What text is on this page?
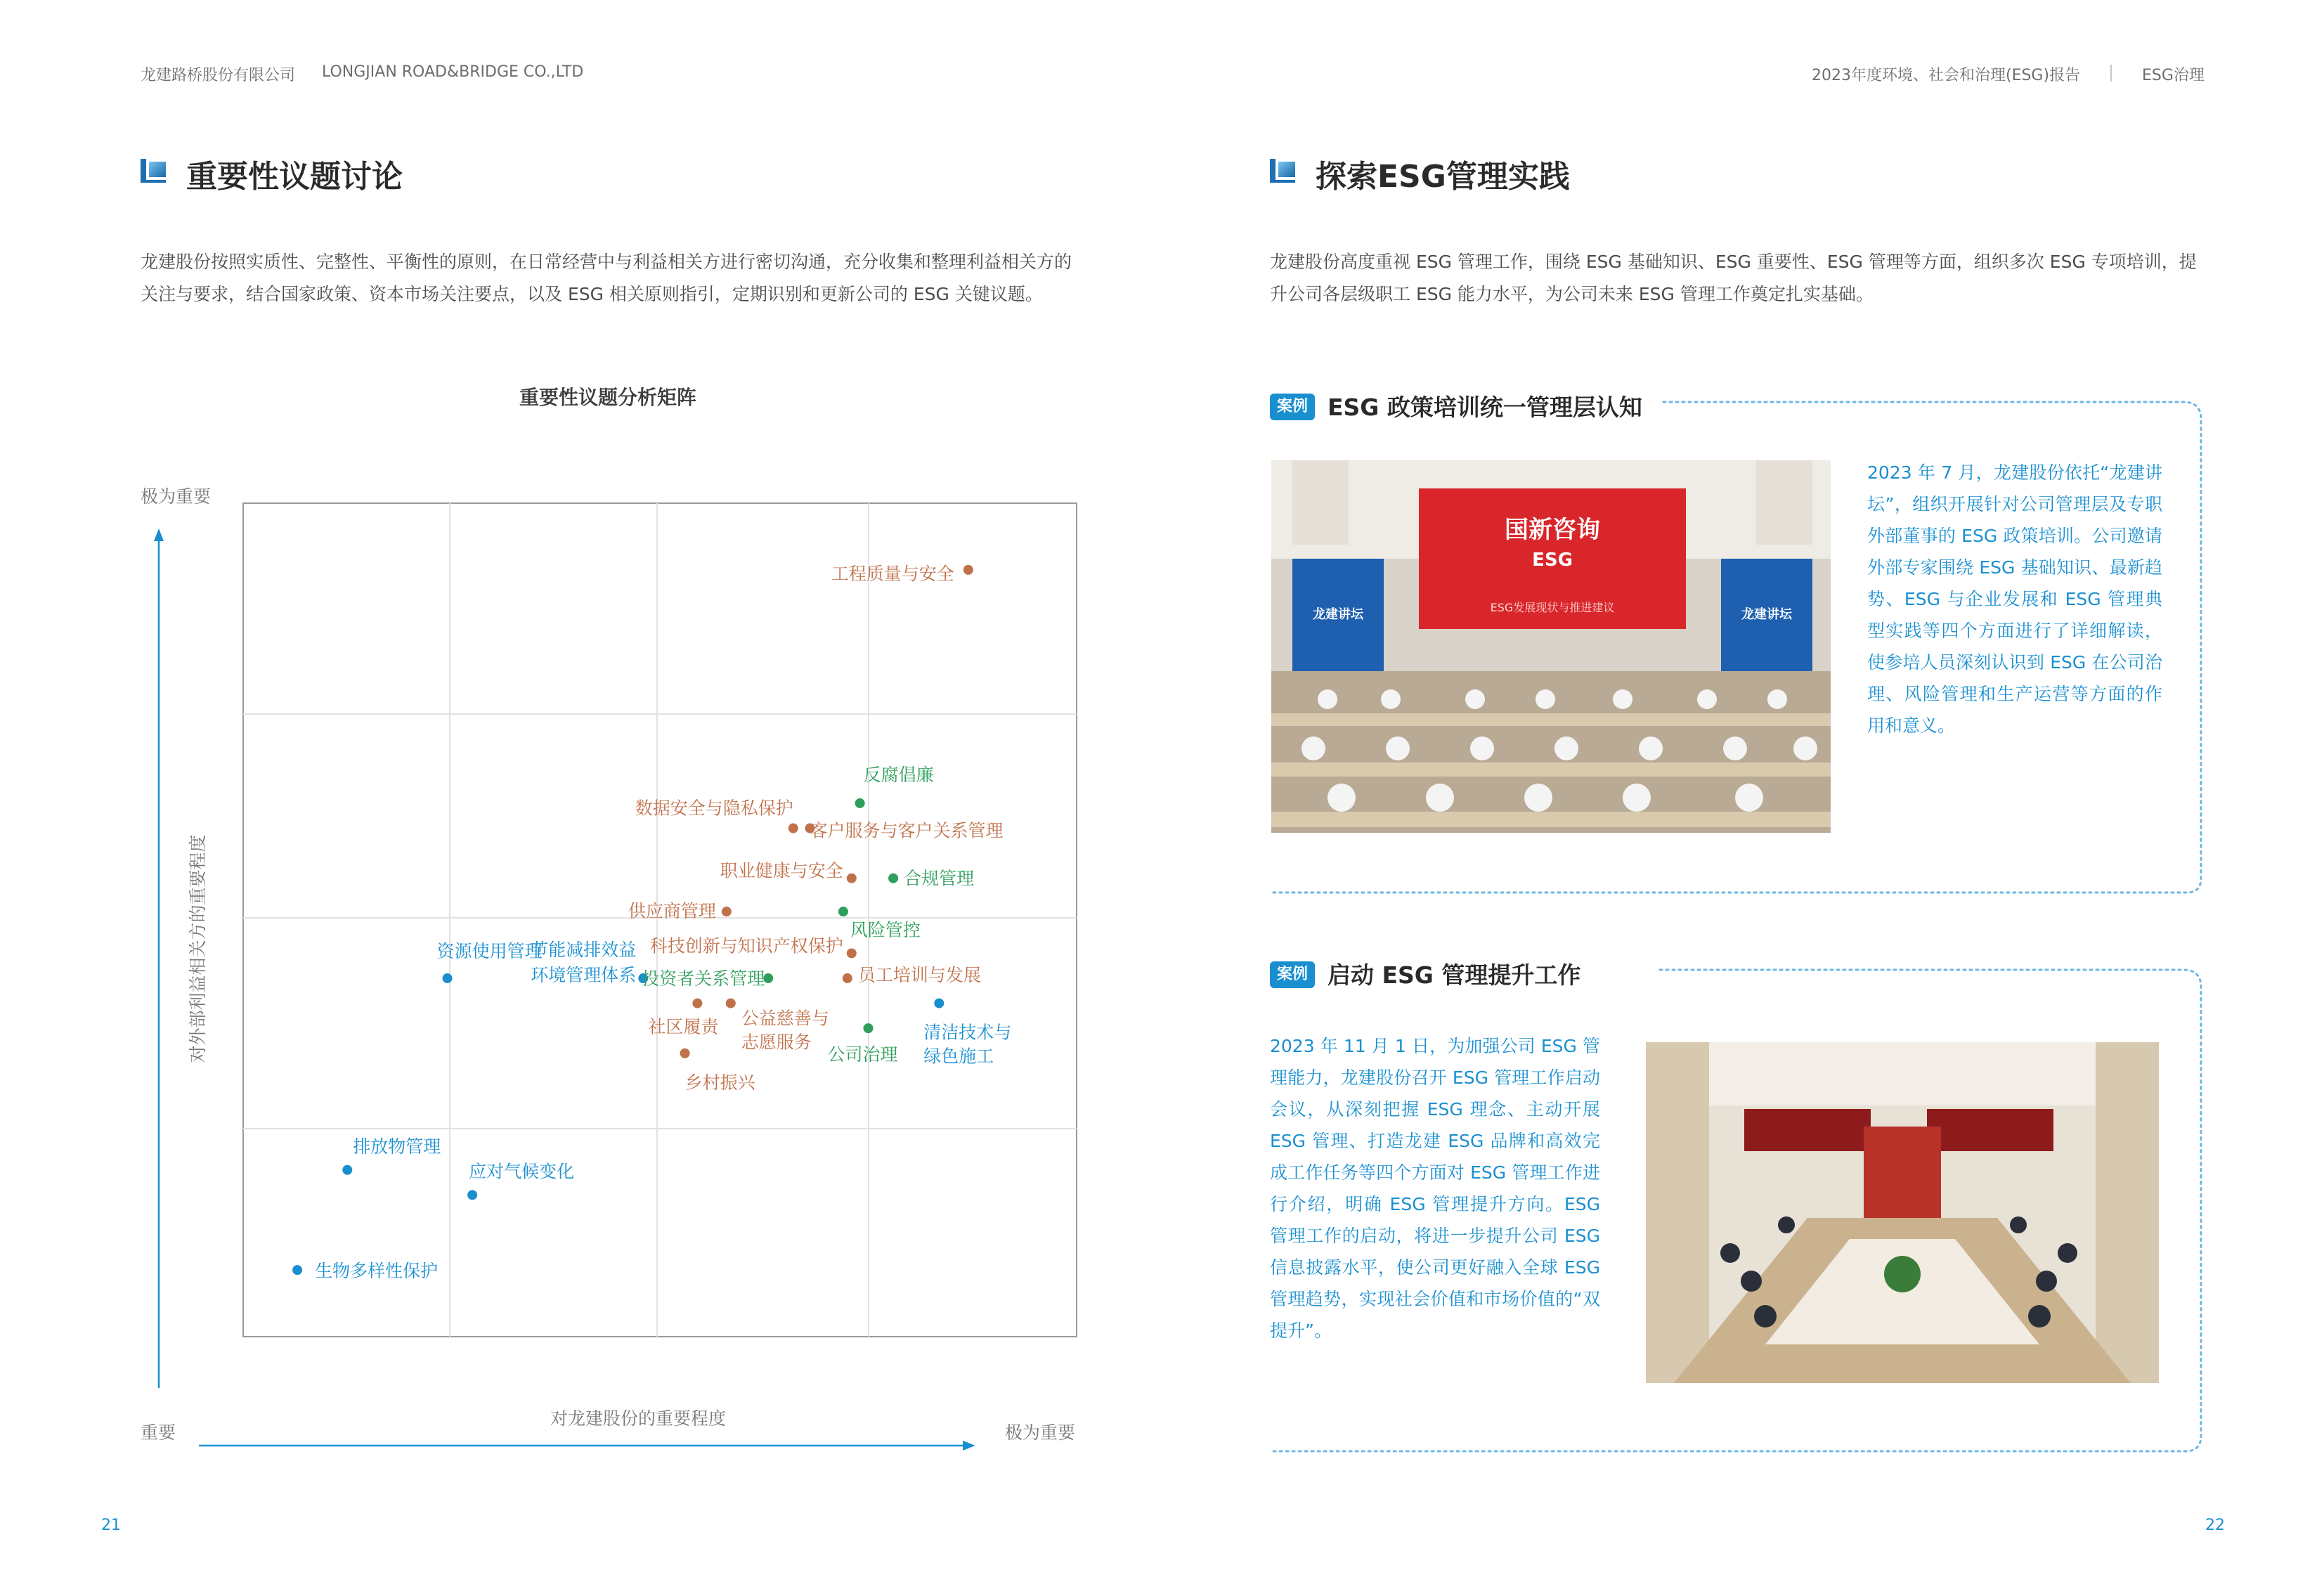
龙建路桥股份有限公司 LONGJIAN ROAD&BRIDGE CO.,LTD	2023年度环境、社会和治理(ESG)报告	ESG治理
重要性议题讨论
龙建股份按照实质性、完整性、平衡性的原则，在日常经营中与利益相关方进行密切沟通，充分收集和整理利益相关方的关注与要求，结合国家政策、资本市场关注要点，以及 ESG 相关原则指引，定期识别和更新公司的 ESG 关键议题。
重要性议题分析矩阵
极为重要
对外部利益相关方的重要程度
对龙建股份的重要程度
重要	极为重要
资源使用管理
节能减排效益
环境管理体系
清洁技术与
绿色施工
排放物管理
应对气候变化
生物多样性保护
工程质量与安全
数据安全与隐私保护
客户服务与客户关系管理
职业健康与安全
供应商管理
科技创新与知识产权保护
员工培训与发展
社区履责 公益慈善与
志愿服务
乡村振兴
反腐倡廉
合规管理
风险管控
投资者关系管理
公司治理
21
探索ESG管理实践
龙建股份高度重视 ESG 管理工作，围绕 ESG 基础知识、ESG 重要性、ESG 管理等方面，组织多次 ESG 专项培训，提升公司各层级职工 ESG 能力水平，为公司未来 ESG 管理工作奠定扎实基础。
案例 ESG 政策培训统一管理层认知
国新咨询
ESG
ESG发展现状与推进建议
龙建讲坛	龙建讲坛
2023 年 7 月，龙建股份依托“龙建讲坛”，组织开展针对公司管理层及专职外部董事的 ESG 政策培训。公司邀请外部专家围绕 ESG 基础知识、最新趋势、ESG 与企业发展和 ESG 管理典型实践等四个方面进行了详细解读，使参培人员深刻认识到 ESG 在公司治理、风险管理和生产运营等方面的作用和意义。
案例 启动 ESG 管理提升工作
2023 年 11 月 1 日，为加强公司 ESG 管理能力，龙建股份召开 ESG 管理工作启动会议，从深刻把握 ESG 理念、主动开展 ESG 管理、打造龙建 ESG 品牌和高效完成工作任务等四个方面对 ESG 管理工作进行介绍，明确 ESG 管理提升方向。ESG 管理工作的启动，将进一步提升公司 ESG 信息披露水平，使公司更好融入全球 ESG 管理趋势，实现社会价值和市场价值的“双提升”。
22
